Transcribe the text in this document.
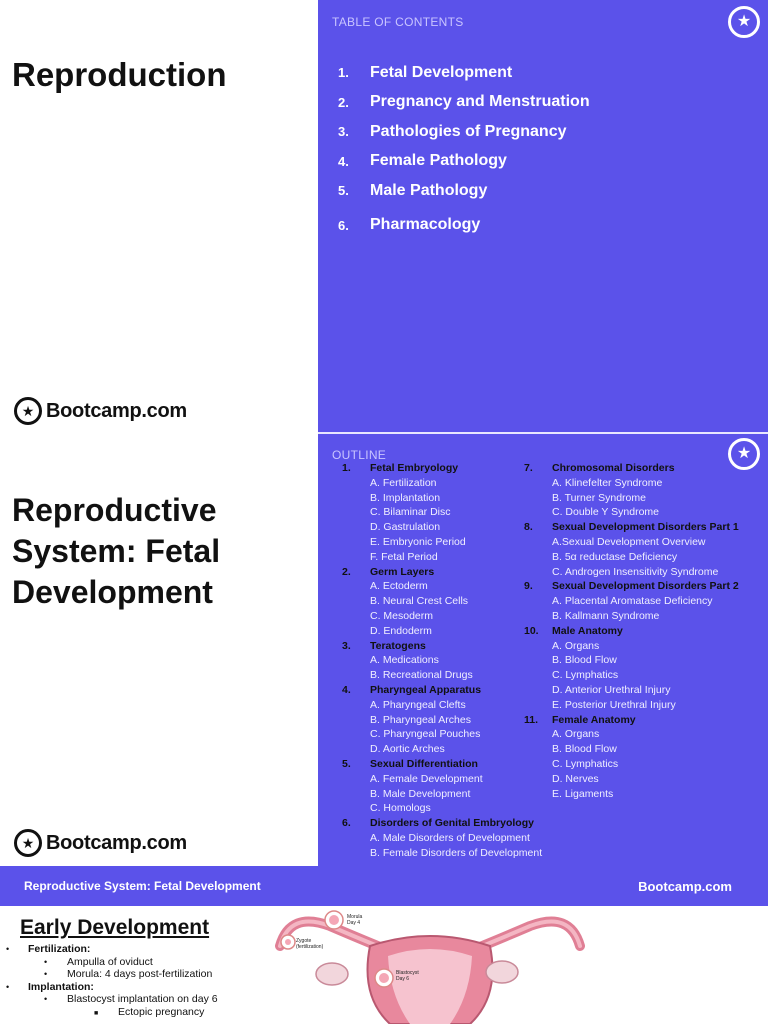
Reproduction
★ Bootcamp.com
TABLE OF CONTENTS	★
1.	Fetal Development
2.	Pregnancy and Menstruation
3.	Pathologies of Pregnancy
4.	Female Pathology
5.	Male Pathology
6.	Pharmacology
Reproductive System: Fetal Development
★ Bootcamp.com
OUTLINE	★
1.	Fetal Embryology
A. Fertilization
B. Implantation
C. Bilaminar Disc
D. Gastrulation
E. Embryonic Period
F. Fetal Period
2.	Germ Layers
A. Ectoderm
B. Neural Crest Cells
C. Mesoderm
D. Endoderm
3.	Teratogens
A. Medications
B. Recreational Drugs
4.	Pharyngeal Apparatus
A. Pharyngeal Clefts
B. Pharyngeal Arches
C. Pharyngeal Pouches
D. Aortic Arches
5.	Sexual Differentiation
A. Female Development
B. Male Development
C. Homologs
6.	Disorders of Genital Embryology
A. Male Disorders of Development
B. Female Disorders of Development
7.	Chromosomal Disorders
A. Klinefelter Syndrome
B. Turner Syndrome
C. Double Y Syndrome
8.	Sexual Development Disorders Part 1
A.Sexual Development Overview
B. 5α reductase Deficiency
C. Androgen Insensitivity Syndrome
9.	Sexual Development Disorders Part 2
A. Placental Aromatase Deficiency
B. Kallmann Syndrome
10.	Male Anatomy
A. Organs
B. Blood Flow
C. Lymphatics
D. Anterior Urethral Injury
E. Posterior Urethral Injury
11.	Female Anatomy
A. Organs
B. Blood Flow
C. Lymphatics
D. Nerves
E. Ligaments
Reproductive System: Fetal Development	Bootcamp.com
Early Development
• Fertilization:
• Ampulla of oviduct
• Morula: 4 days post-fertilization
• Implantation:
• Blastocyst implantation on day 6
■ Ectopic pregnancy
Morula
Day 4
Zygote
(fertilization)
Blastocyst
Day 6
